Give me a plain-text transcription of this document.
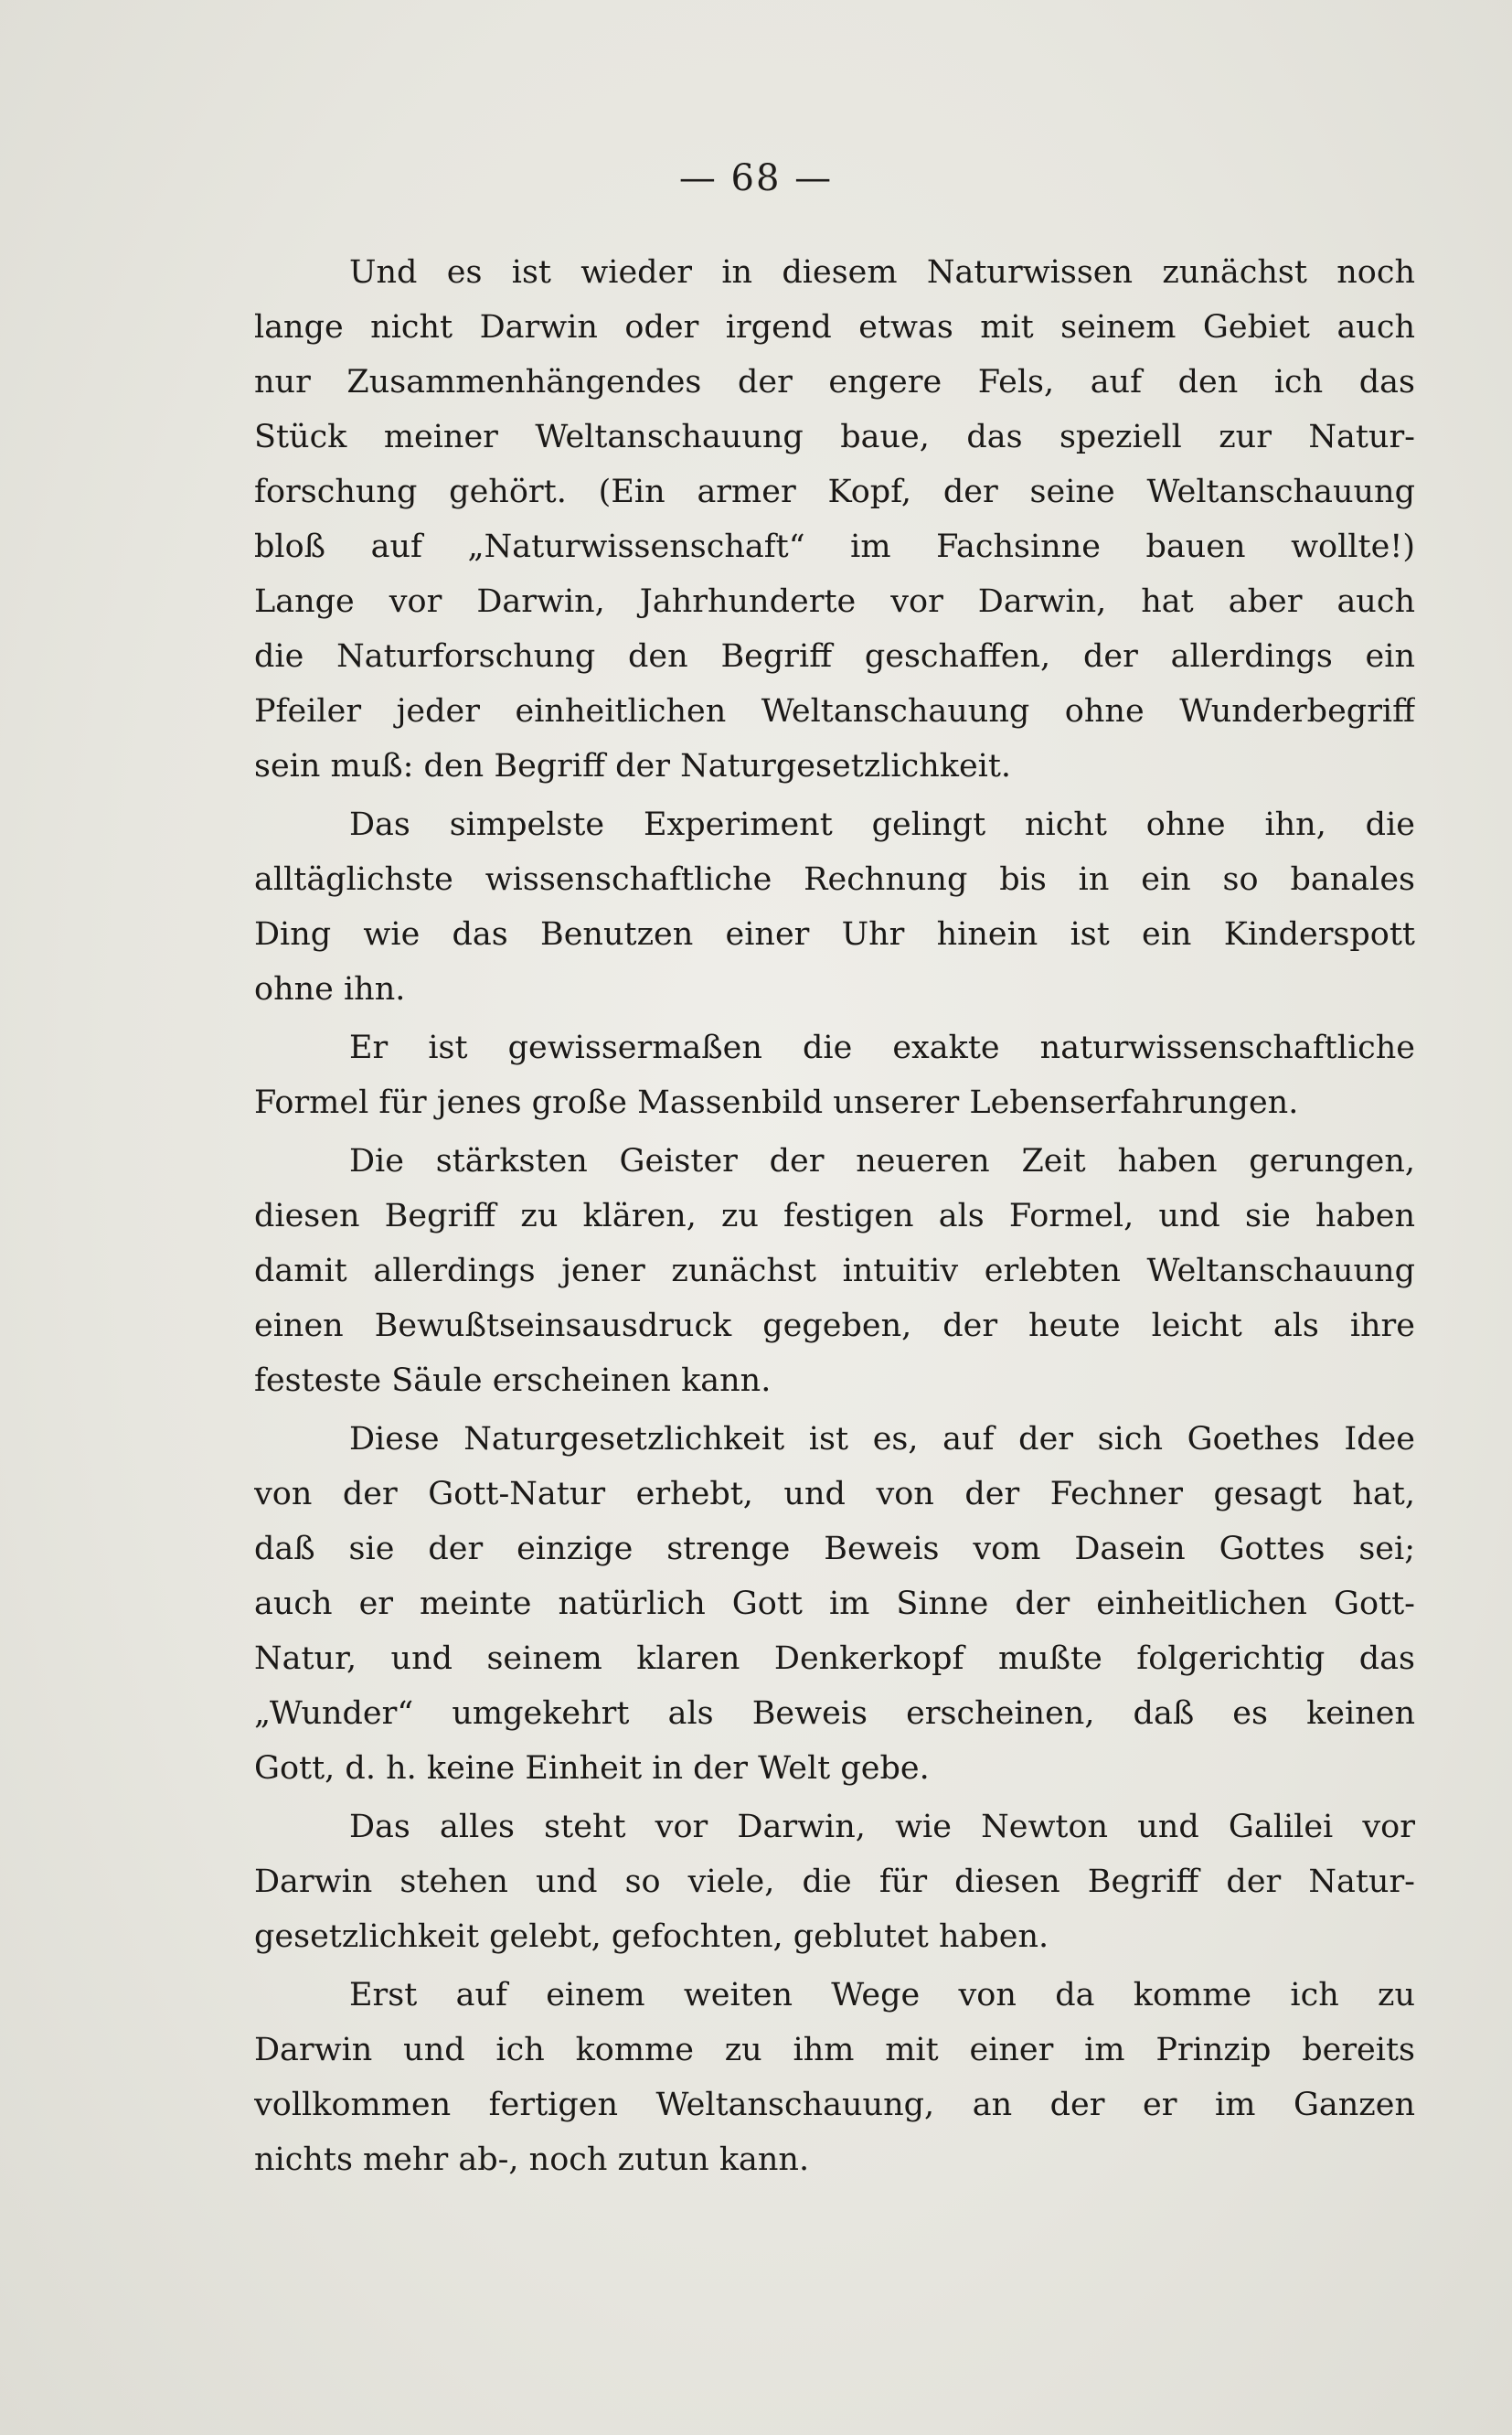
— 68 —
Und es ist wieder in diesem Naturwissen zunächst noch
lange nicht Darwin oder irgend etwas mit seinem Gebiet auch
nur Zusammenhängendes der engere Fels, auf den ich das
Stück meiner Weltanschauung baue, das speziell zur Natur-
forschung gehört. (Ein armer Kopf, der seine Weltanschauung
bloß auf „Naturwissenschaft“ im Fachsinne bauen wollte!)
Lange vor Darwin, Jahrhunderte vor Darwin, hat aber auch
die Naturforschung den Begriff geschaffen, der allerdings ein
Pfeiler jeder einheitlichen Weltanschauung ohne Wunderbegriff
sein muß: den Begriff der Naturgesetzlichkeit.
Das simpelste Experiment gelingt nicht ohne ihn, die
alltäglichste wissenschaftliche Rechnung bis in ein so banales
Ding wie das Benutzen einer Uhr hinein ist ein Kinderspott
ohne ihn.
Er ist gewissermaßen die exakte naturwissenschaftliche
Formel für jenes große Massenbild unserer Lebenserfahrungen.
Die stärksten Geister der neueren Zeit haben gerungen,
diesen Begriff zu klären, zu festigen als Formel, und sie haben
damit allerdings jener zunächst intuitiv erlebten Weltanschauung
einen Bewußtseinsausdruck gegeben, der heute leicht als ihre
festeste Säule erscheinen kann.
Diese Naturgesetzlichkeit ist es, auf der sich Goethes Idee
von der Gott-Natur erhebt, und von der Fechner gesagt hat,
daß sie der einzige strenge Beweis vom Dasein Gottes sei;
auch er meinte natürlich Gott im Sinne der einheitlichen Gott-
Natur, und seinem klaren Denkerkopf mußte folgerichtig das
„Wunder“ umgekehrt als Beweis erscheinen, daß es keinen
Gott, d. h. keine Einheit in der Welt gebe.
Das alles steht vor Darwin, wie Newton und Galilei vor
Darwin stehen und so viele, die für diesen Begriff der Natur-
gesetzlichkeit gelebt, gefochten, geblutet haben.
Erst auf einem weiten Wege von da komme ich zu
Darwin und ich komme zu ihm mit einer im Prinzip bereits
vollkommen fertigen Weltanschauung, an der er im Ganzen
nichts mehr ab-, noch zutun kann.
